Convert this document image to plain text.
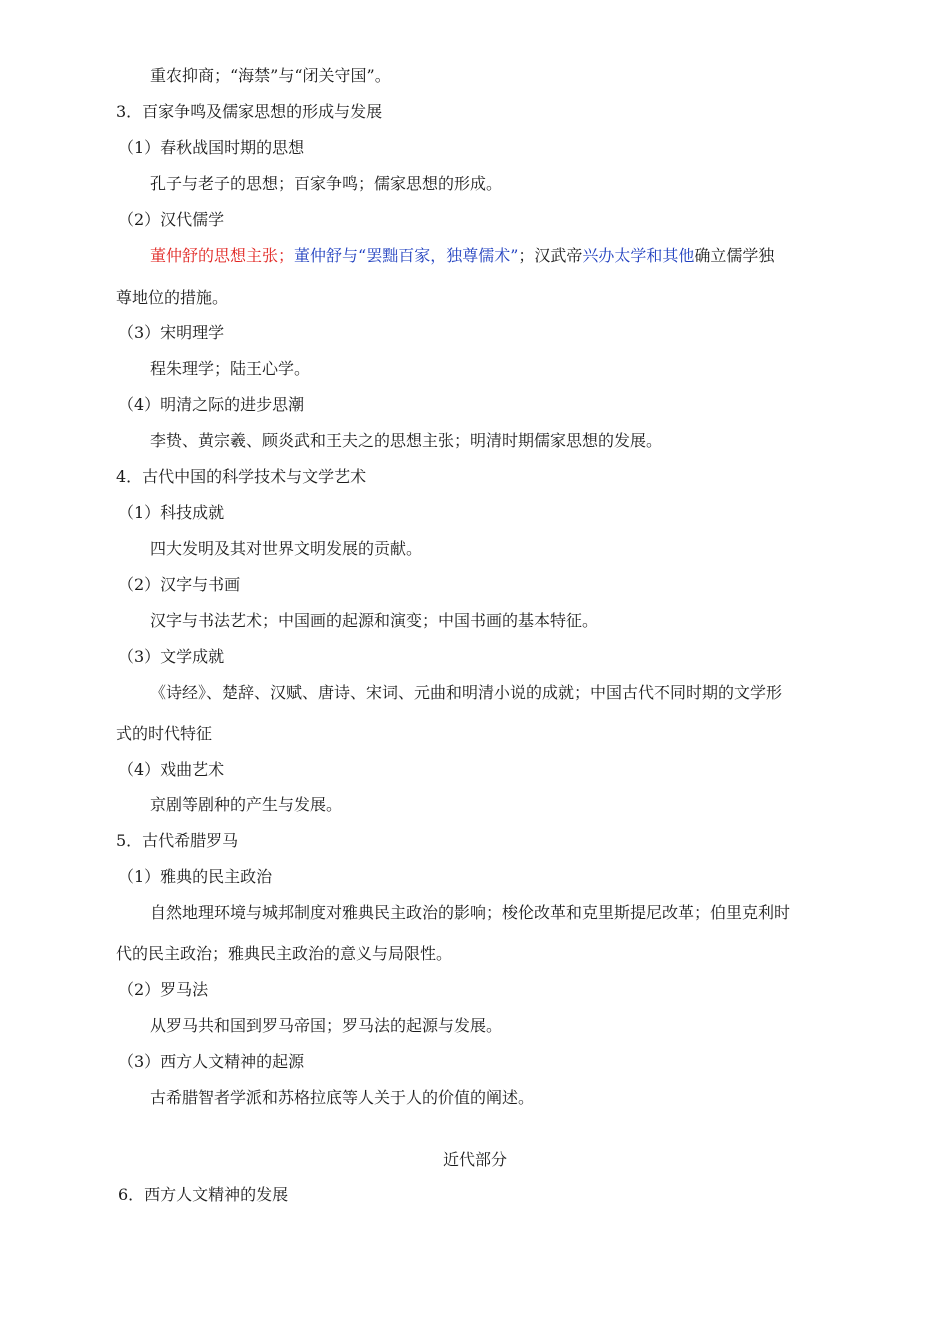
重农抑商；“海禁”与“闭关守国”。
3．百家争鸣及儒家思想的形成与发展
（1）春秋战国时期的思想
孔子与老子的思想；百家争鸣；儒家思想的形成。
（2）汉代儒学
董仲舒的思想主张；董仲舒与“罢黜百家，独尊儒术”；汉武帝兴办太学和其他确立儒学独
尊地位的措施。
（3）宋明理学
程朱理学；陆王心学。
（4）明清之际的进步思潮
李贽、黄宗羲、顾炎武和王夫之的思想主张；明清时期儒家思想的发展。
4．古代中国的科学技术与文学艺术
（1）科技成就
四大发明及其对世界文明发展的贡献。
（2）汉字与书画
汉字与书法艺术；中国画的起源和演变；中国书画的基本特征。
（3）文学成就
《诗经》、楚辞、汉赋、唐诗、宋词、元曲和明清小说的成就；中国古代不同时期的文学形
式的时代特征
（4）戏曲艺术
京剧等剧种的产生与发展。
5．古代希腊罗马
（1）雅典的民主政治
自然地理环境与城邦制度对雅典民主政治的影响；梭伦改革和克里斯提尼改革；伯里克利时
代的民主政治；雅典民主政治的意义与局限性。
（2）罗马法
从罗马共和国到罗马帝国；罗马法的起源与发展。
（3）西方人文精神的起源
古希腊智者学派和苏格拉底等人关于人的价值的阐述。
近代部分
6．西方人文精神的发展
